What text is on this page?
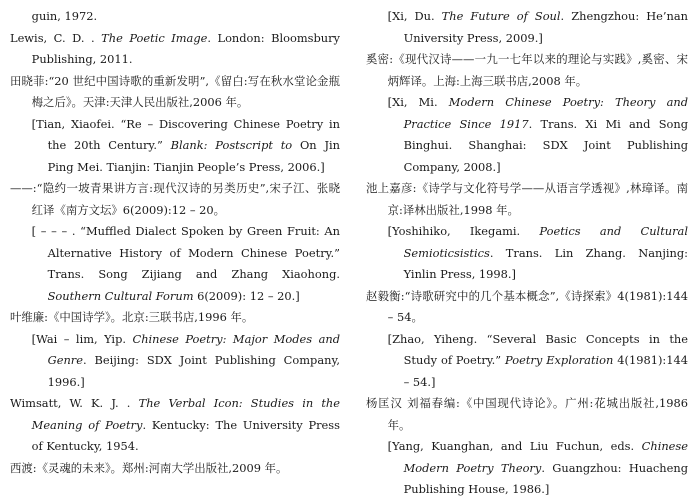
guin, 1972.
Lewis, C. D. . The Poetic Image. London: Bloomsbury Publishing, 2011.
田晓菲:“20 世纪中国诗歌的重新发明”,《留白:写在秋水堂论金瓶梅之后》。天津:天津人民出版社,2006 年。
[Tian, Xiaofei. “Re – Discovering Chinese Poetry in the 20th Century.” Blank: Postscript to On Jin Ping Mei. Tianjin: Tianjin People’s Press, 2006.]
——:“隐约一坡青果讲方言:现代汉诗的另类历史”,宋子江、张晓红译《南方文坛》6(2009):12 – 20。
[ – – – . “Muffled Dialect Spoken by Green Fruit: An Alternative History of Modern Chinese Poetry.” Trans. Song Zijiang and Zhang Xiaohong. Southern Cultural Forum 6(2009): 12 – 20.]
叶维廉:《中国诗学》。北京:三联书店,1996 年。
[Wai – lim, Yip. Chinese Poetry: Major Modes and Genre. Beijing: SDX Joint Publishing Company, 1996.]
Wimsatt, W. K. J. . The Verbal Icon: Studies in the Meaning of Poetry. Kentucky: The University Press of Kentucky, 1954.
西渡:《灵魂的未来》。郑州:河南大学出版社,2009 年。
[Xi, Du. The Future of Soul. Zhengzhou: He’nan University Press, 2009.]
奚密:《现代汉诗——一九一七年以来的理论与实践》,奚密、宋炳辉译。上海:上海三联书店,2008 年。
[Xi, Mi. Modern Chinese Poetry: Theory and Practice Since 1917. Trans. Xi Mi and Song Binghui. Shanghai: SDX Joint Publishing Company, 2008.]
池上嘉彦:《诗学与文化符号学——从语言学透视》,林璋译。南京:译林出版社,1998 年。
[Yoshihiko, Ikegami. Poetics and Cultural Semioticsistics. Trans. Lin Zhang. Nanjing: Yinlin Press, 1998.]
赵毅衡:“诗歌研究中的几个基本概念”,《诗探索》4(1981):144 – 54。
[Zhao, Yiheng. “Several Basic Concepts in the Study of Poetry.” Poetry Exploration 4(1981):144 – 54.]
杨匡汉 刘福春编:《中国现代诗论》。广州:花城出版社,1986 年。
[Yang, Kuanghan, and Liu Fuchun, eds. Chinese Modern Poetry Theory. Guangzhou: Huacheng Publishing House, 1986.]
